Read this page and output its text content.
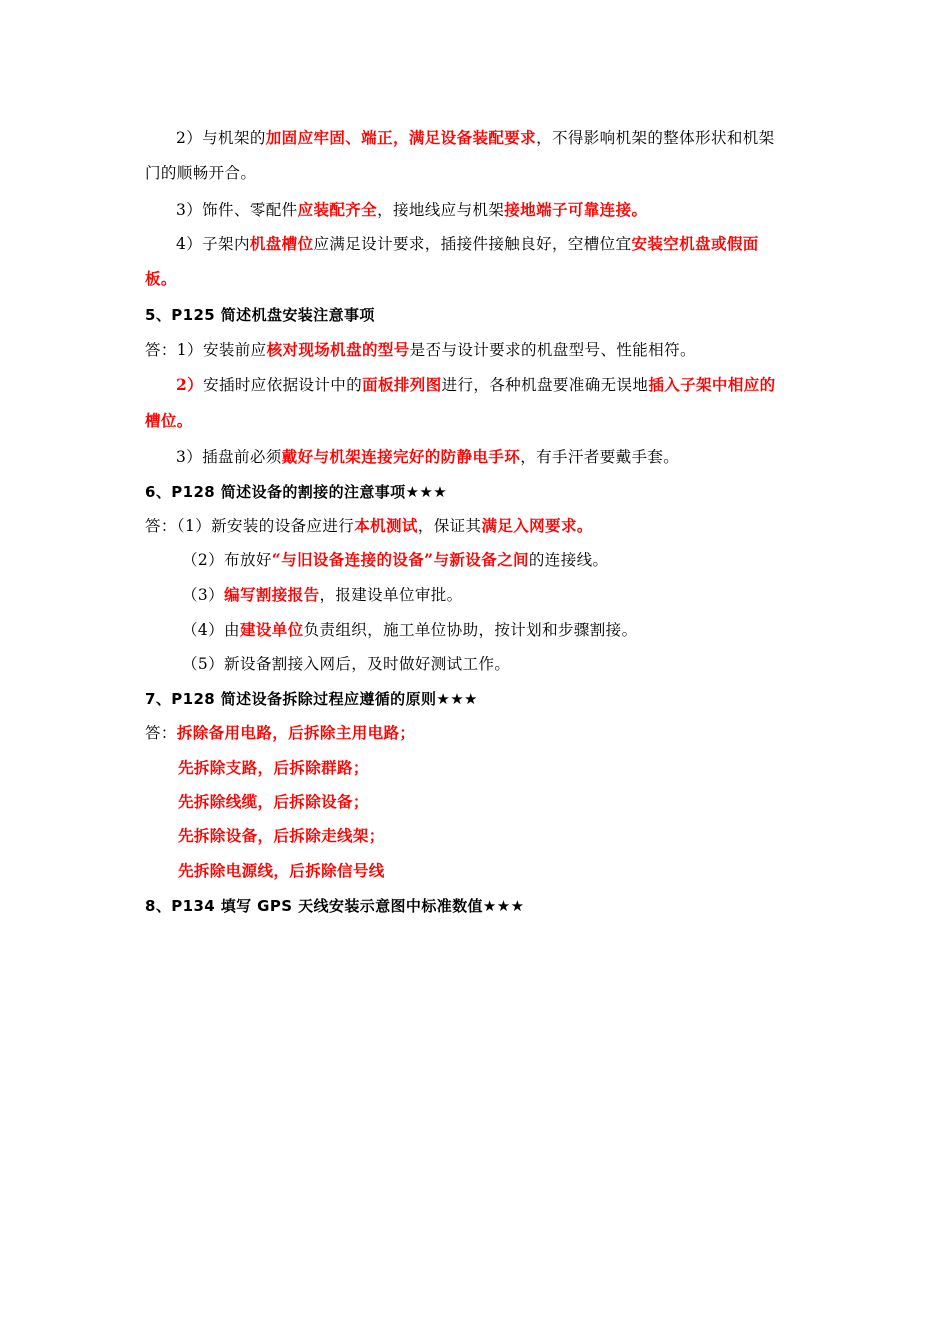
2）与机架的加固应牢固、端正，满足设备装配要求，不得影响机架的整体形状和机架
门的顺畅开合。
3）饰件、零配件应装配齐全，接地线应与机架接地端子可靠连接。
4）子架内机盘槽位应满足设计要求，插接件接触良好，空槽位宜安装空机盘或假面
板。
5、P125 简述机盘安装注意事项
答：1）安装前应核对现场机盘的型号是否与设计要求的机盘型号、性能相符。
2）安插时应依据设计中的面板排列图进行，各种机盘要准确无误地插入子架中相应的
槽位。
3）插盘前必须戴好与机架连接完好的防静电手环，有手汗者要戴手套。
6、P128 简述设备的割接的注意事项★★★
答：（1）新安装的设备应进行本机测试，保证其满足入网要求。
（2）布放好“与旧设备连接的设备”与新设备之间的连接线。
（3）编写割接报告，报建设单位审批。
（4）由建设单位负责组织，施工单位协助，按计划和步骤割接。
（5）新设备割接入网后，及时做好测试工作。
7、P128 简述设备拆除过程应遵循的原则★★★
答：拆除备用电路，后拆除主用电路；
先拆除支路，后拆除群路；
先拆除线缆，后拆除设备；
先拆除设备，后拆除走线架；
先拆除电源线，后拆除信号线
8、P134 填写 GPS 天线安装示意图中标准数值★★★
